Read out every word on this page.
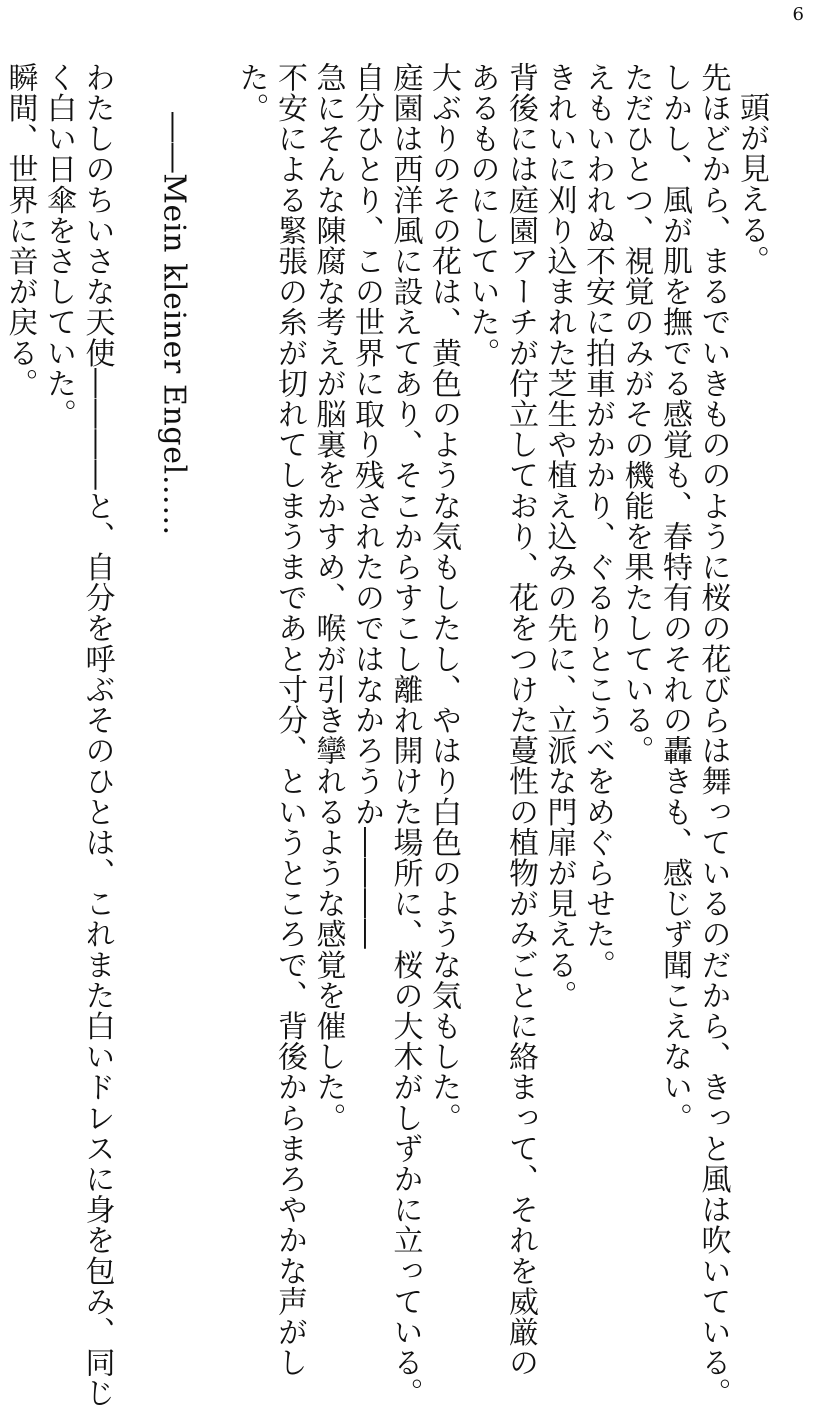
6

頭が見える。

先ほどから、まるでいきもののように桜の花びらは舞っているのだから、きっと風は吹いている。

しかし、風が肌を撫でる感覚も、春特有のそれの轟きも、感じず聞こえない。

ただひとつ、視覚のみがその機能を果たしている。

えもいわれぬ不安に拍車がかかり、ぐるりとこうべをめぐらせた。

きれいに刈り込まれた芝生や植え込みの先に、立派な門扉が見える。

背後には庭園アーチが佇立しており、花をつけた蔓性の植物がみごとに絡まって、それを威厳の

あるものにしていた。

大ぶりのその花は、黄色のような気もしたし、やはり白色のような気もした。

庭園は西洋風に設えてあり、そこからすこし離れ開けた場所に、桜の大木がしずかに立っている。

自分ひとり、この世界に取り残されたのではなかろうか――――

急にそんな陳腐な考えが脳裏をかすめ、喉が引き攣れるような感覚を催した。

不安による緊張の糸が切れてしまうまであと寸分、というところで、背後からまろやかな声がし

た。

――Mein kleiner Engel……

わたしのちいさな天使――――と、自分を呼ぶそのひとは、これまた白いドレスに身を包み、同じ

く白い日傘をさしていた。

瞬間、世界に音が戻る。
